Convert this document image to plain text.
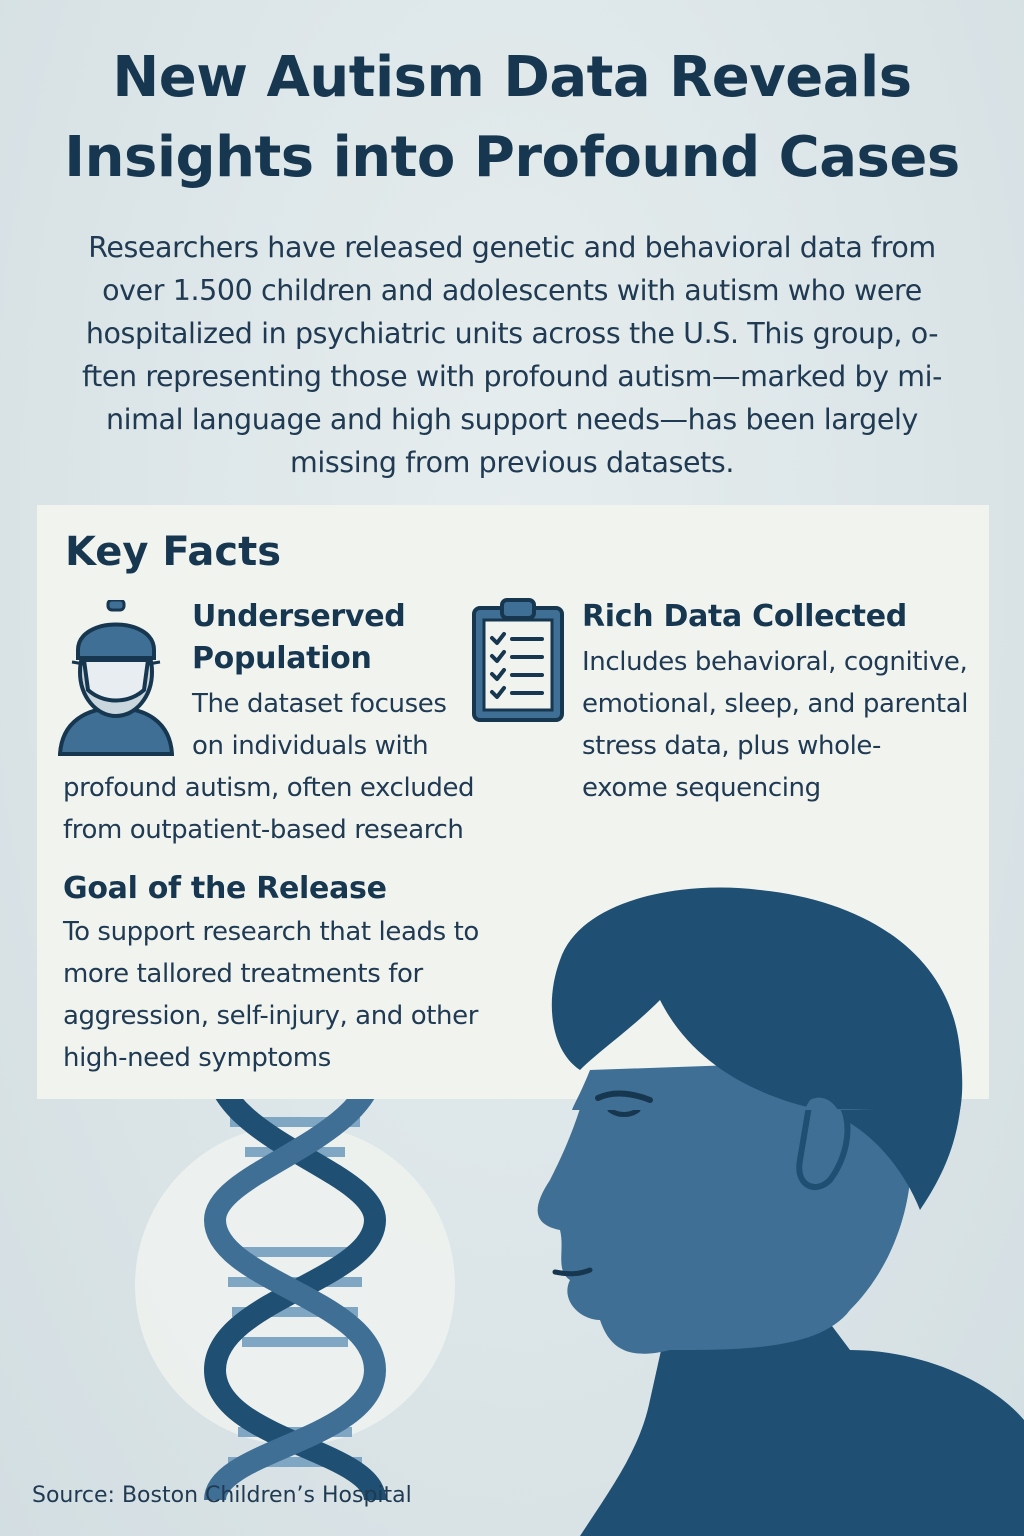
New Autism Data Reveals
Insights into Profound Cases

Researchers have released genetic and behavioral data from
over 1.500 children and adolescents with autism who were
hospitalized in psychiatric units across the U.S. This group, o-
ften representing those with profound autism—marked by mi-
nimal language and high support needs—has been largely
missing from previous datasets.

Key Facts
Underserved
Population

The dataset focuses
on individuals with

profound autism, often excluded
from outpatient-based research

Rich Data Collected

Includes behavioral, cognitive,
emotional, sleep, and parental
stress data, plus whole-
exome sequencing

Goal of the Release

To support research that leads to
more tallored treatments for
aggression, self-injury, and other
high-need symptoms

Source: Boston Children’s Hospital
